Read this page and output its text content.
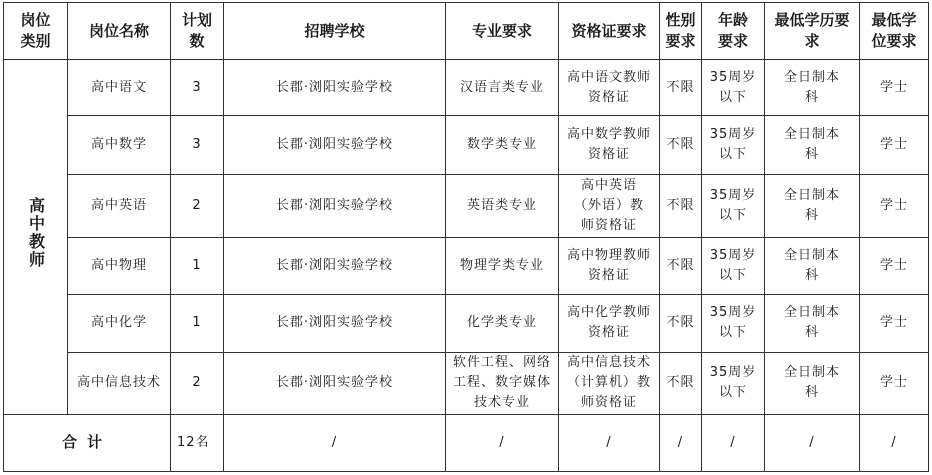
岗位类别	岗位名称	计划数	招聘学校	专业要求	资格证要求	性别要求	年龄要求	最低学历要求	最低学位要求
高中教师	高中语文	3	长郡·浏阳实验学校	汉语言类专业	高中语文教师资格证	不限	35周岁以下	全日制本科	学士
	高中数学	3	长郡·浏阳实验学校	数学类专业	高中数学教师资格证	不限	35周岁以下	全日制本科	学士
	高中英语	2	长郡·浏阳实验学校	英语类专业	高中英语（外语）教师资格证	不限	35周岁以下	全日制本科	学士
	高中物理	1	长郡·浏阳实验学校	物理学类专业	高中物理教师资格证	不限	35周岁以下	全日制本科	学士
	高中化学	1	长郡·浏阳实验学校	化学类专业	高中化学教师资格证	不限	35周岁以下	全日制本科	学士
	高中信息技术	2	长郡·浏阳实验学校	软件工程、网络工程、数字媒体技术专业	高中信息技术（计算机）教师资格证	不限	35周岁以下	全日制本科	学士
合计		12名	/	/	/	/	/	/	/
